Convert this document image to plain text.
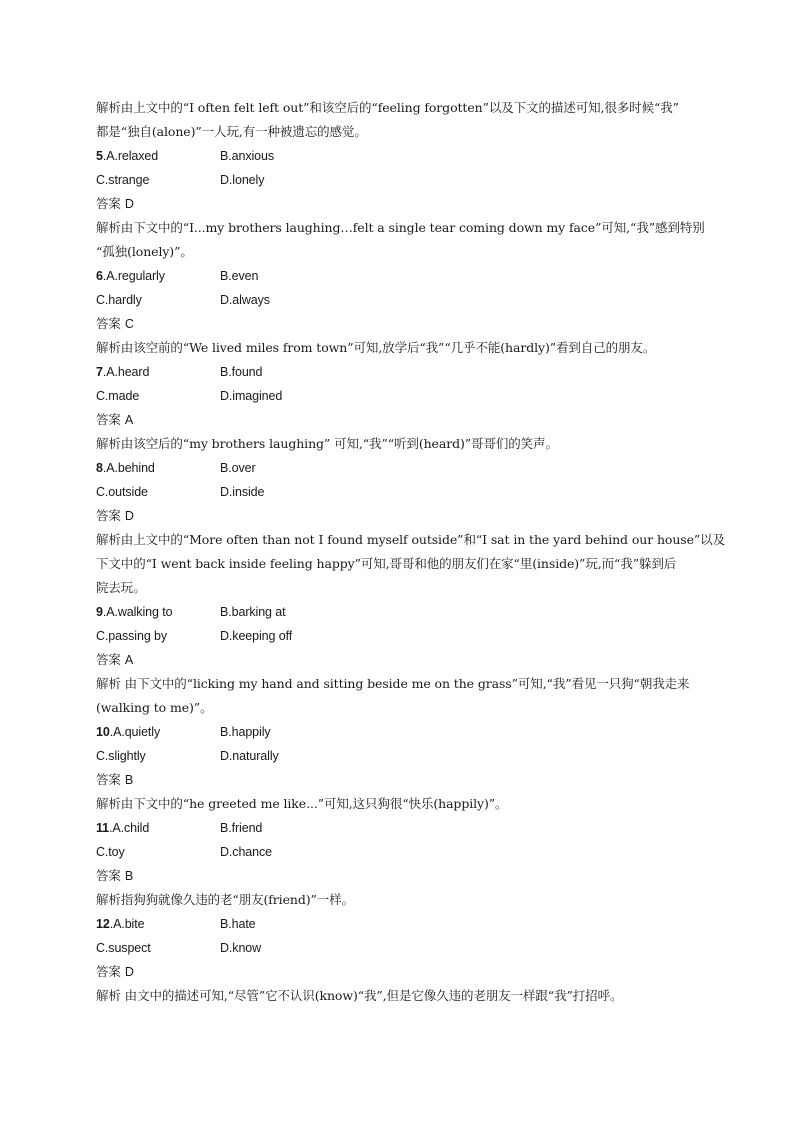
解析由上文中的“I often felt left out”和该空后的“feeling forgotten”以及下文的描述可知,很多时候“我”
都是“独自(alone)”一人玩,有一种被遗忘的感觉。
5.A.relaxed	B.anxious
C.strange	D.lonely
答案 D
解析由下文中的“I...my brothers laughing…felt a single tear coming down my face”可知,“我”感到特别
“孤独(lonely)”。
6.A.regularly	B.even
C.hardly	D.always
答案 C
解析由该空前的“We lived miles from town”可知,放学后“我”“几乎不能(hardly)”看到自己的朋友。
7.A.heard	B.found
C.made	D.imagined
答案 A
解析由该空后的“my brothers laughing” 可知,“我”“听到(heard)”哥哥们的笑声。
8.A.behind	B.over
C.outside	D.inside
答案 D
解析由上文中的“More often than not I found myself outside”和“I sat in the yard behind our house”以及
下文中的“I went back inside feeling happy”可知,哥哥和他的朋友们在家“里(inside)”玩,而“我”躲到后
院去玩。
9.A.walking to	B.barking at
C.passing by	D.keeping off
答案 A
解析 由下文中的“licking my hand and sitting beside me on the grass”可知,“我”看见一只狗“朝我走来
(walking to me)”。
10.A.quietly	B.happily
C.slightly	D.naturally
答案 B
解析由下文中的“he greeted me like...”可知,这只狗很“快乐(happily)”。
11.A.child	B.friend
C.toy	D.chance
答案 B
解析指狗狗就像久违的老“朋友(friend)”一样。
12.A.bite	B.hate
C.suspect	D.know
答案 D
解析 由文中的描述可知,“尽管”它不认识(know)“我”,但是它像久违的老朋友一样跟“我”打招呼。
